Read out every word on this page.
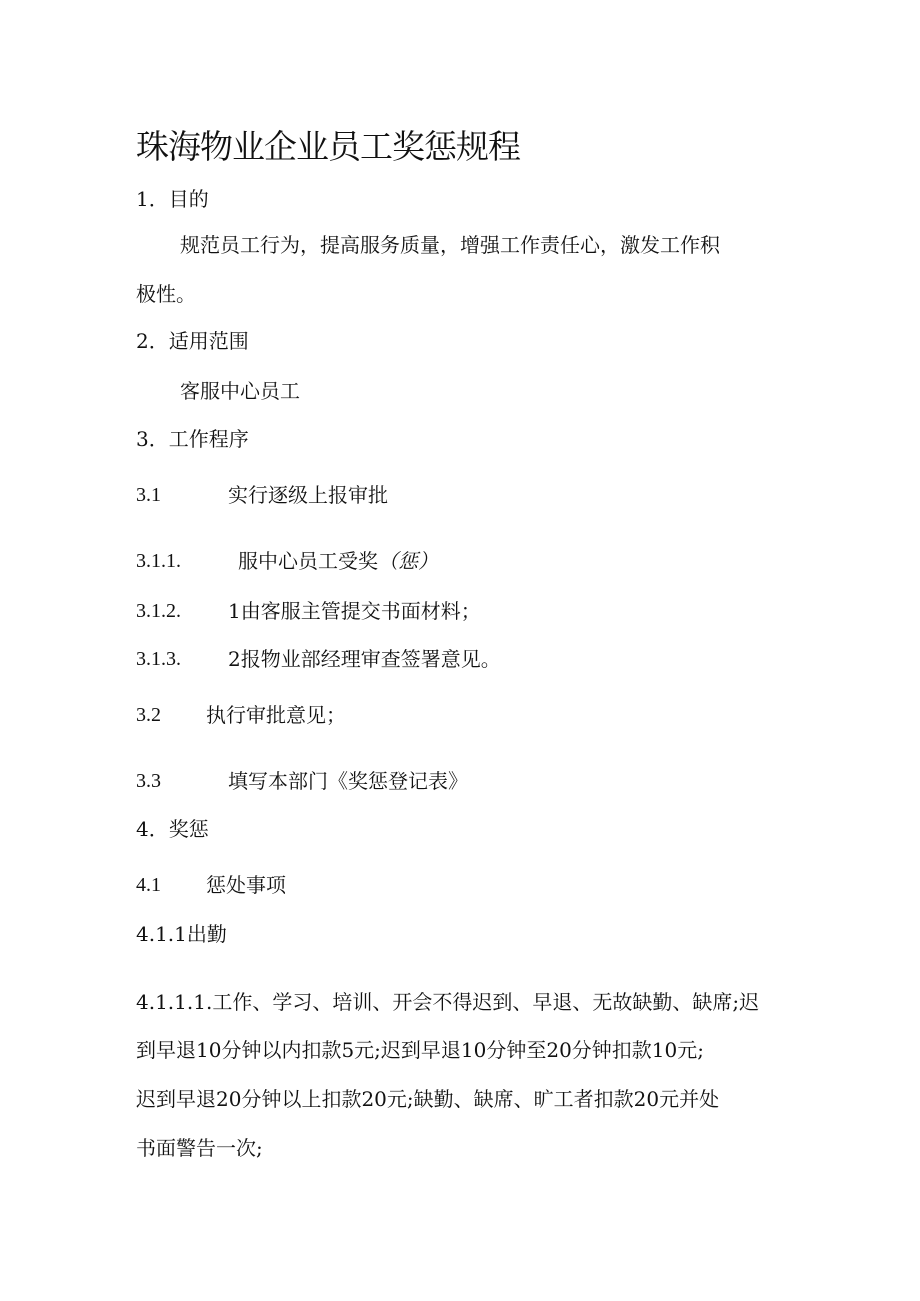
珠海物业企业员工奖惩规程
1．目的
规范员工行为，提高服务质量，增强工作责任心，激发工作积
极性。
2．适用范围
客服中心员工
3．工作程序
3.1	实行逐级上报审批
3.1.1.	服中心员工受奖（惩）
3.1.2. 1由客服主管提交书面材料；
3.1.3. 2报物业部经理审查签署意见。
3.2 执行审批意见；
3.3	填写本部门《奖惩登记表》
4．奖惩
4.1 惩处事项
4.1.1出勤
4.1.1.1.工作、学习、培训、开会不得迟到、早退、无故缺勤、缺席;迟
到早退10分钟以内扣款5元;迟到早退10分钟至20分钟扣款10元;
迟到早退20分钟以上扣款20元;缺勤、缺席、旷工者扣款20元并处
书面警告一次;
